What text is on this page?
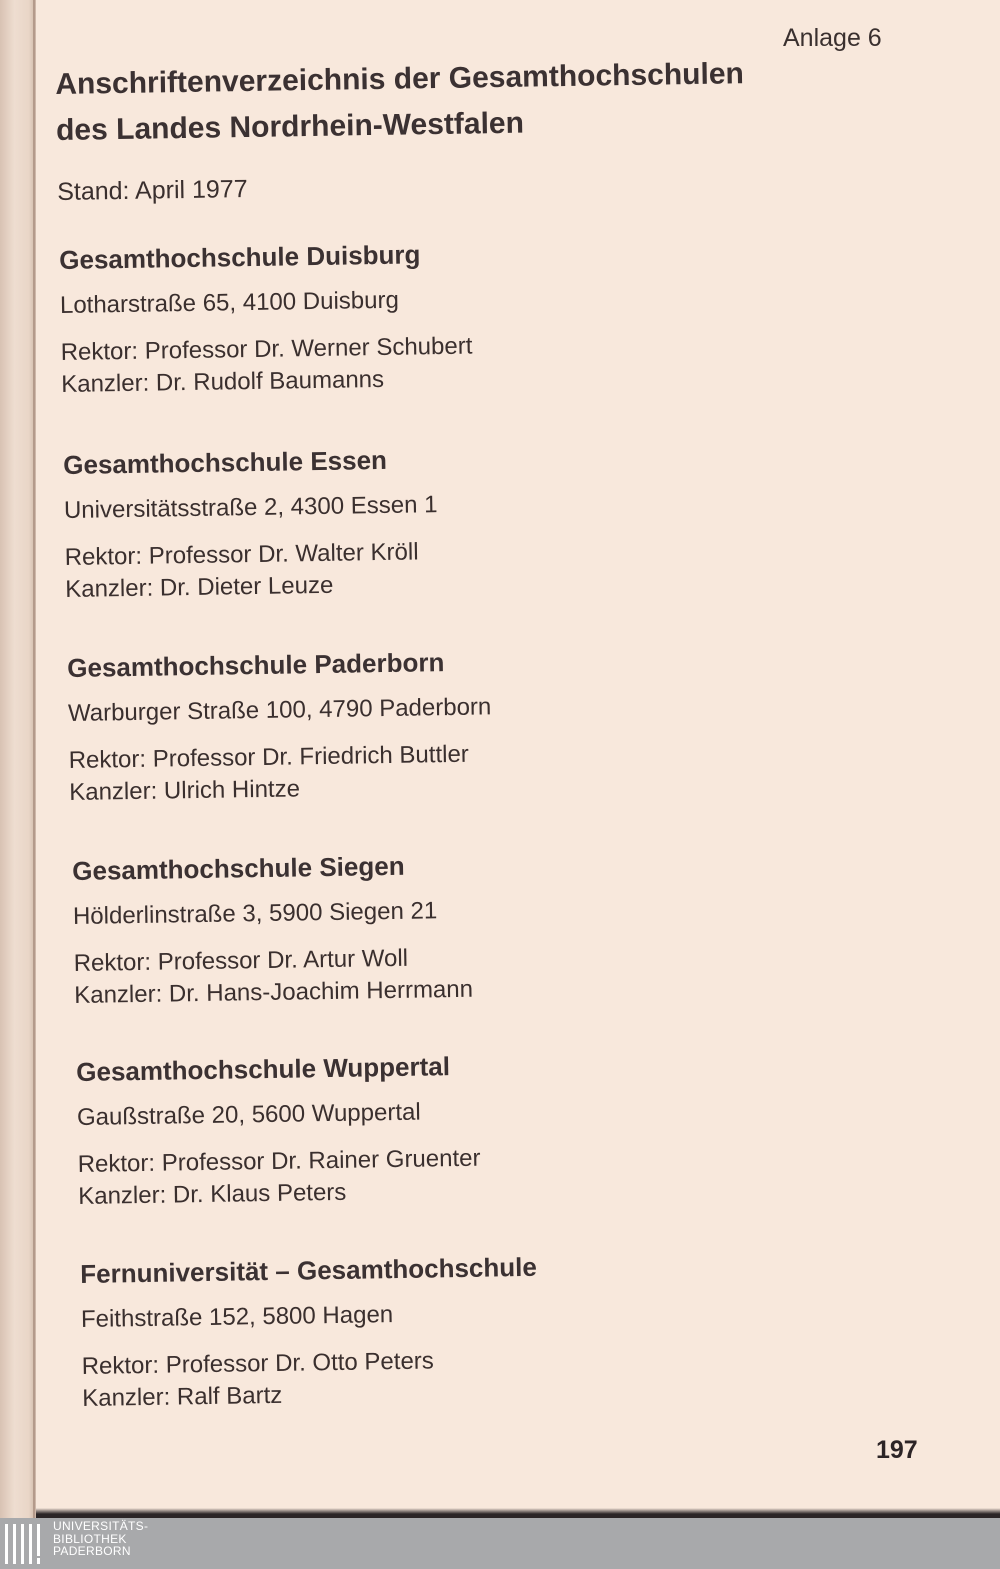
Anlage 6
Anschriftenverzeichnis der Gesamthochschulen
des Landes Nordrhein-Westfalen
Stand: April 1977
Gesamthochschule Duisburg
Lotharstraße 65, 4100 Duisburg
Rektor: Professor Dr. Werner Schubert
Kanzler: Dr. Rudolf Baumanns
Gesamthochschule Essen
Universitätsstraße 2, 4300 Essen 1
Rektor: Professor Dr. Walter Kröll
Kanzler: Dr. Dieter Leuze
Gesamthochschule Paderborn
Warburger Straße 100, 4790 Paderborn
Rektor: Professor Dr. Friedrich Buttler
Kanzler: Ulrich Hintze
Gesamthochschule Siegen
Hölderlinstraße 3, 5900 Siegen 21
Rektor: Professor Dr. Artur Woll
Kanzler: Dr. Hans-Joachim Herrmann
Gesamthochschule Wuppertal
Gaußstraße 20, 5600 Wuppertal
Rektor: Professor Dr. Rainer Gruenter
Kanzler: Dr. Klaus Peters
Fernuniversität – Gesamthochschule
Feithstraße 152, 5800 Hagen
Rektor: Professor Dr. Otto Peters
Kanzler: Ralf Bartz
197
UNIVERSITÄTS-
BIBLIOTHEK
PADERBORN
